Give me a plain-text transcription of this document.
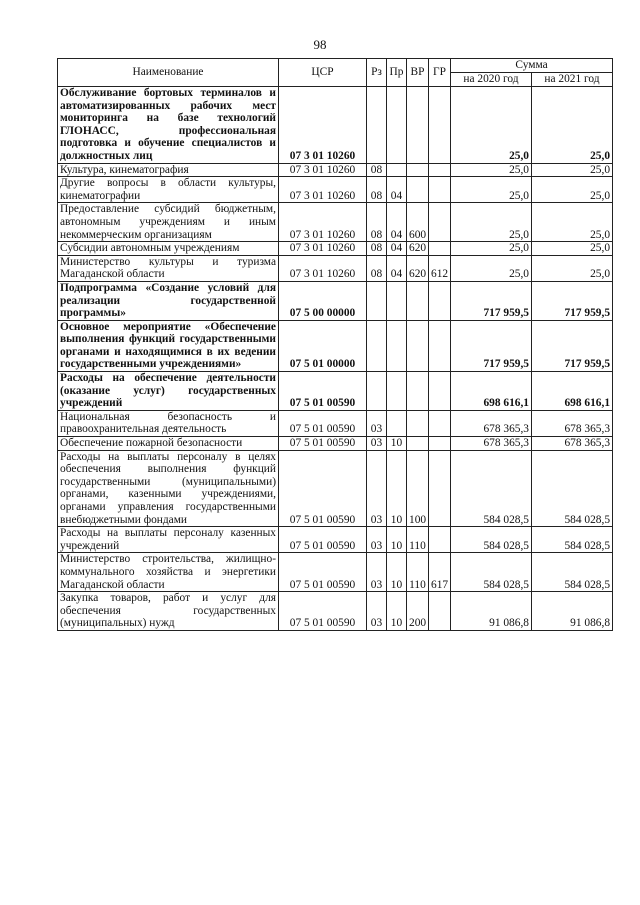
98
Наименование	ЦСР	Рз	Пр	ВР	ГР	Сумма	
						на 2020 год	на 2021 год
Обслуживание бортовых терминалов и автоматизированных рабочих мест мониторинга на базе технологий ГЛОНАСС, профессиональная подготовка и обучение специалистов и должностных лиц	07 3 01 10260					25,0	25,0
Культура, кинематография	07 3 01 10260	08				25,0	25,0
Другие вопросы в области культуры, кинематографии	07 3 01 10260	08	04			25,0	25,0
Предоставление субсидий бюджетным, автономным учреждениям и иным некоммерческим организациям	07 3 01 10260	08	04	600		25,0	25,0
Субсидии автономным учреждениям	07 3 01 10260	08	04	620		25,0	25,0
Министерство культуры и туризма Магаданской области	07 3 01 10260	08	04	620	612	25,0	25,0
Подпрограмма «Создание условий для реализации государственной программы»	07 5 00 00000					717 959,5	717 959,5
Основное мероприятие «Обеспечение выполнения функций государственными органами и находящимися в их ведении государственными учреждениями»	07 5 01 00000					717 959,5	717 959,5
Расходы на обеспечение деятельности (оказание услуг) государственных учреждений	07 5 01 00590					698 616,1	698 616,1
Национальная безопасность и правоохранительная деятельность	07 5 01 00590	03				678 365,3	678 365,3
Обеспечение пожарной безопасности	07 5 01 00590	03	10			678 365,3	678 365,3
Расходы на выплаты персоналу в целях обеспечения выполнения функций государственными (муниципальными) органами, казенными учреждениями, органами управления государственными внебюджетными фондами	07 5 01 00590	03	10	100		584 028,5	584 028,5
Расходы на выплаты персоналу казенных учреждений	07 5 01 00590	03	10	110		584 028,5	584 028,5
Министерство строительства, жилищно-коммунального хозяйства и энергетики Магаданской области	07 5 01 00590	03	10	110	617	584 028,5	584 028,5
Закупка товаров, работ и услуг для обеспечения государственных (муниципальных) нужд	07 5 01 00590	03	10	200		91 086,8	91 086,8
